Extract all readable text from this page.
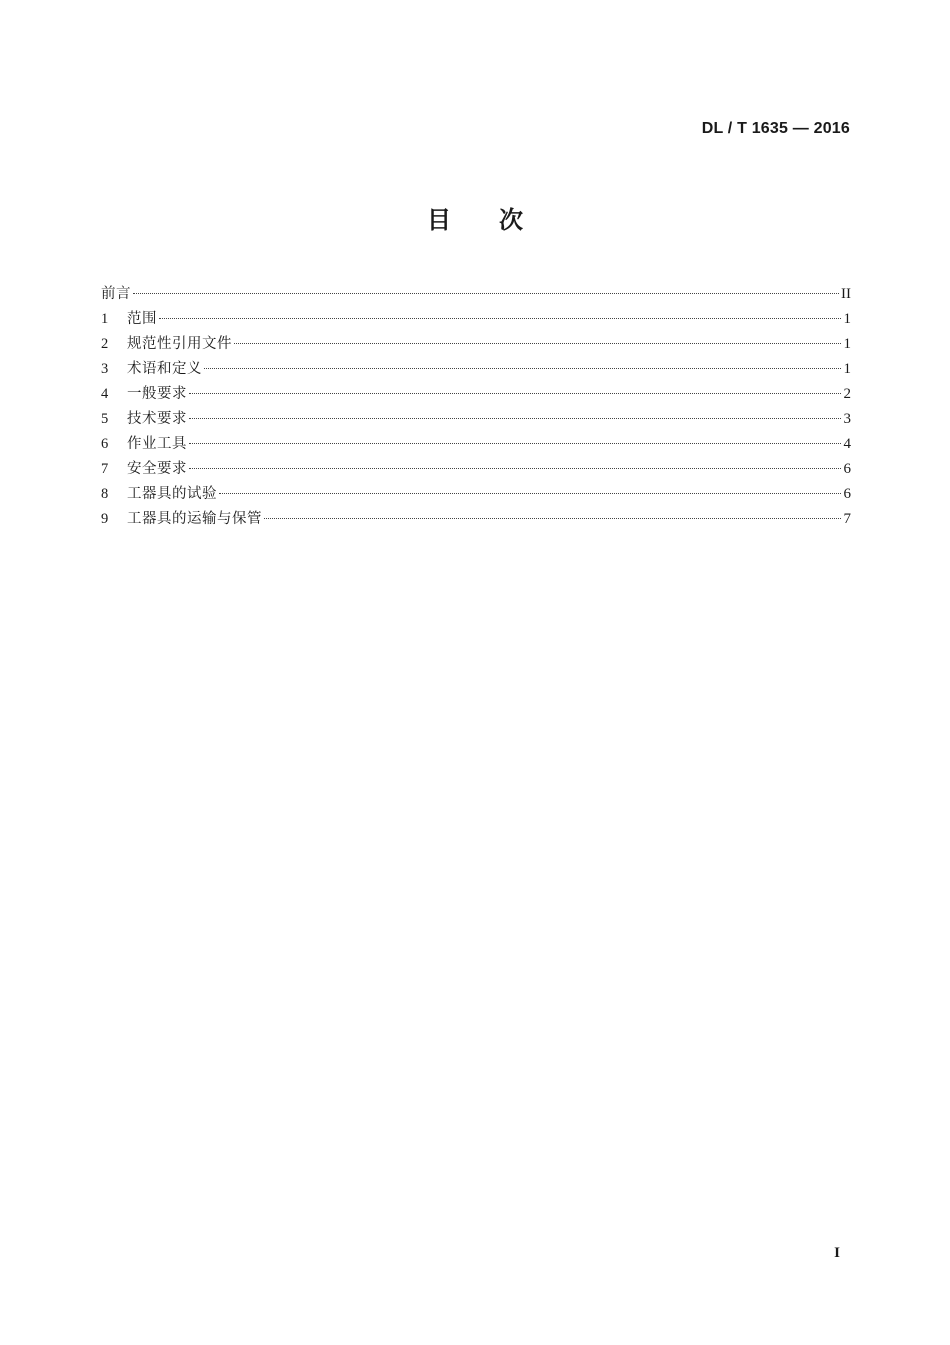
DL / T 1635 — 2016
目次
前言	II
1	范围	1
2	规范性引用文件	1
3	术语和定义	1
4	一般要求	2
5	技术要求	3
6	作业工具	4
7	安全要求	6
8	工器具的试验	6
9	工器具的运输与保管	7
I
